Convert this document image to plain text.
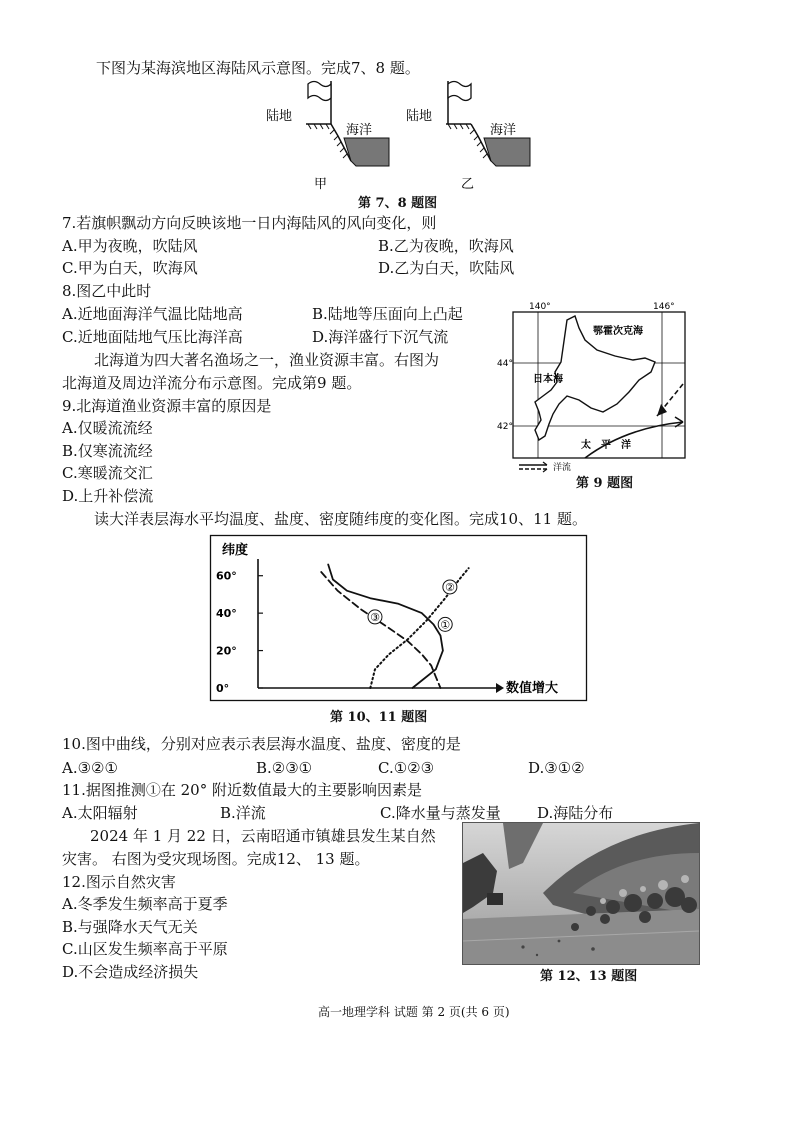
下图为某海滨地区海陆风示意图。完成7、8 题。
陆地
海洋
陆地
海洋
甲	乙
第 7、8 题图
7.若旗帜飘动方向反映该地一日内海陆风的风向变化，则
A.甲为夜晚，吹陆风	B.乙为夜晚，吹海风
C.甲为白天，吹海风	D.乙为白天，吹陆风
8.图乙中此时
A.近地面海洋气温比陆地高	B.陆地等压面向上凸起
C.近地面陆地气压比海洋高	D.海洋盛行下沉气流
北海道为四大著名渔场之一，渔业资源丰富。右图为
北海道及周边洋流分布示意图。完成第9 题。
9.北海道渔业资源丰富的原因是
A.仅暖流流经
B.仅寒流流经
C.寒暖流交汇
D.上升补偿流
140°	146°
44°
42°
鄂霍次克海
日本海
太　平　洋
洋流
第 9 题图
读大洋表层海水平均温度、盐度、密度随纬度的变化图。完成10、11 题。
纬度
数值增大
0°
20°
40°
60°
①
②
③
第 10、11 题图
10.图中曲线，分别对应表示表层海水温度、盐度、密度的是
A.③②①	B.②③①	C.①②③	D.③①②
11.据图推测①在 20° 附近数值最大的主要影响因素是
A.太阳辐射	B.洋流	C.降水量与蒸发量 D.海陆分布
2024 年 1 月 22 日，云南昭通市镇雄县发生某自然
灾害。 右图为受灾现场图。完成12、 13 题。
12.图示自然灾害
A.冬季发生频率高于夏季
B.与强降水天气无关
C.山区发生频率高于平原
D.不会造成经济损失	第 12、13 题图
高一地理学科 试题 第 2 页(共 6 页)
